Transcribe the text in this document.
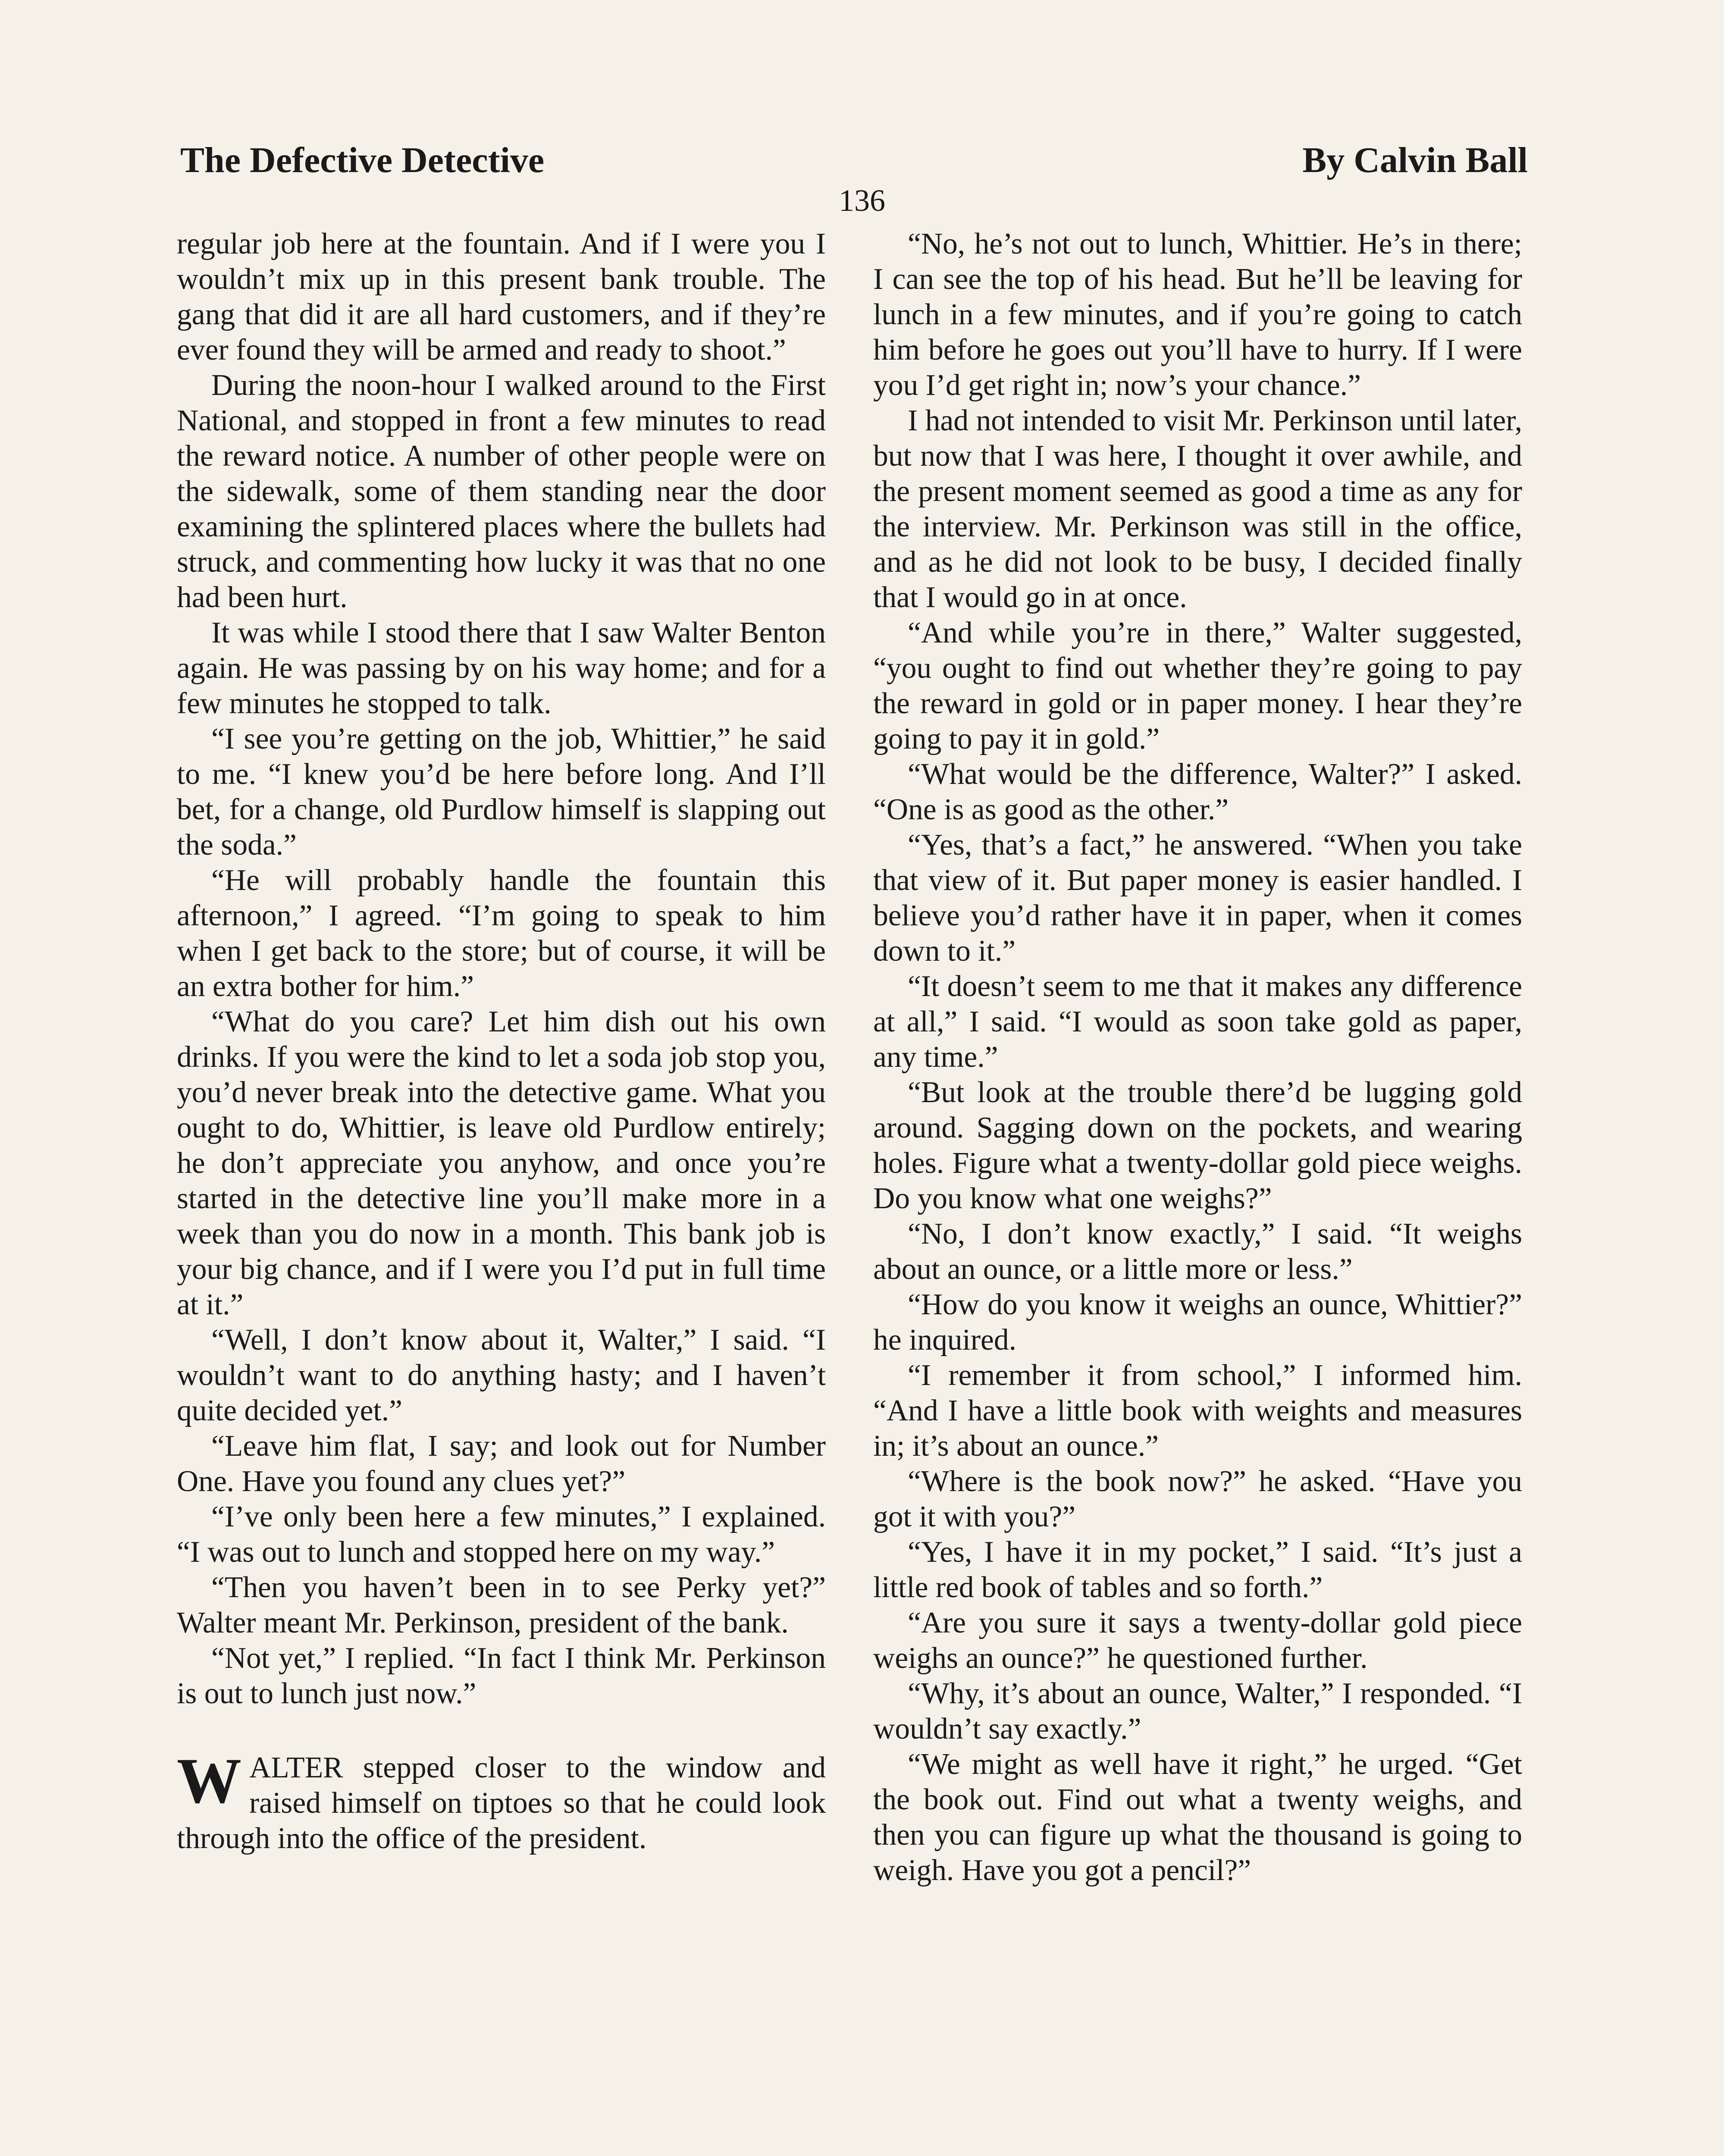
The Defective Detective	By Calvin Ball
136

regular job here at the fountain. And if I were you I wouldn’t mix up in this present bank trouble. The gang that did it are all hard customers, and if they’re ever found they will be armed and ready to shoot.”

During the noon-hour I walked around to the First National, and stopped in front a few minutes to read the reward notice. A number of other people were on the sidewalk, some of them standing near the door examining the splintered places where the bullets had struck, and commenting how lucky it was that no one had been hurt.

It was while I stood there that I saw Walter Benton again. He was passing by on his way home; and for a few minutes he stopped to talk.

“I see you’re getting on the job, Whittier,” he said to me. “I knew you’d be here before long. And I’ll bet, for a change, old Purdlow himself is slapping out the soda.”

“He will probably handle the fountain this afternoon,” I agreed. “I’m going to speak to him when I get back to the store; but of course, it will be an extra bother for him.”

“What do you care? Let him dish out his own drinks. If you were the kind to let a soda job stop you, you’d never break into the detective game. What you ought to do, Whittier, is leave old Purdlow entirely; he don’t appreciate you anyhow, and once you’re started in the detective line you’ll make more in a week than you do now in a month. This bank job is your big chance, and if I were you I’d put in full time at it.”

“Well, I don’t know about it, Walter,” I said. “I wouldn’t want to do anything hasty; and I haven’t quite decided yet.”

“Leave him flat, I say; and look out for Number One. Have you found any clues yet?”

“I’ve only been here a few minutes,” I explained. “I was out to lunch and stopped here on my way.”

“Then you haven’t been in to see Perky yet?” Walter meant Mr. Perkinson, president of the bank.

“Not yet,” I replied. “In fact I think Mr. Perkinson is out to lunch just now.”

WALTER stepped closer to the window and raised himself on tiptoes so that he could look through into the office of the president.

“No, he’s not out to lunch, Whittier. He’s in there; I can see the top of his head. But he’ll be leaving for lunch in a few minutes, and if you’re going to catch him before he goes out you’ll have to hurry. If I were you I’d get right in; now’s your chance.”

I had not intended to visit Mr. Perkinson until later, but now that I was here, I thought it over awhile, and the present moment seemed as good a time as any for the interview. Mr. Perkinson was still in the office, and as he did not look to be busy, I decided finally that I would go in at once.

“And while you’re in there,” Walter suggested, “you ought to find out whether they’re going to pay the reward in gold or in paper money. I hear they’re going to pay it in gold.”

“What would be the difference, Walter?” I asked. “One is as good as the other.”

“Yes, that’s a fact,” he answered. “When you take that view of it. But paper money is easier handled. I believe you’d rather have it in paper, when it comes down to it.”

“It doesn’t seem to me that it makes any difference at all,” I said. “I would as soon take gold as paper, any time.”

“But look at the trouble there’d be lugging gold around. Sagging down on the pockets, and wearing holes. Figure what a twenty-dollar gold piece weighs. Do you know what one weighs?”

“No, I don’t know exactly,” I said. “It weighs about an ounce, or a little more or less.”

“How do you know it weighs an ounce, Whittier?” he inquired.

“I remember it from school,” I informed him. “And I have a little book with weights and measures in; it’s about an ounce.”

“Where is the book now?” he asked. “Have you got it with you?”

“Yes, I have it in my pocket,” I said. “It’s just a little red book of tables and so forth.”

“Are you sure it says a twenty-dollar gold piece weighs an ounce?” he questioned further.

“Why, it’s about an ounce, Walter,” I responded. “I wouldn’t say exactly.”

“We might as well have it right,” he urged. “Get the book out. Find out what a twenty weighs, and then you can figure up what the thousand is going to weigh. Have you got a pencil?”
